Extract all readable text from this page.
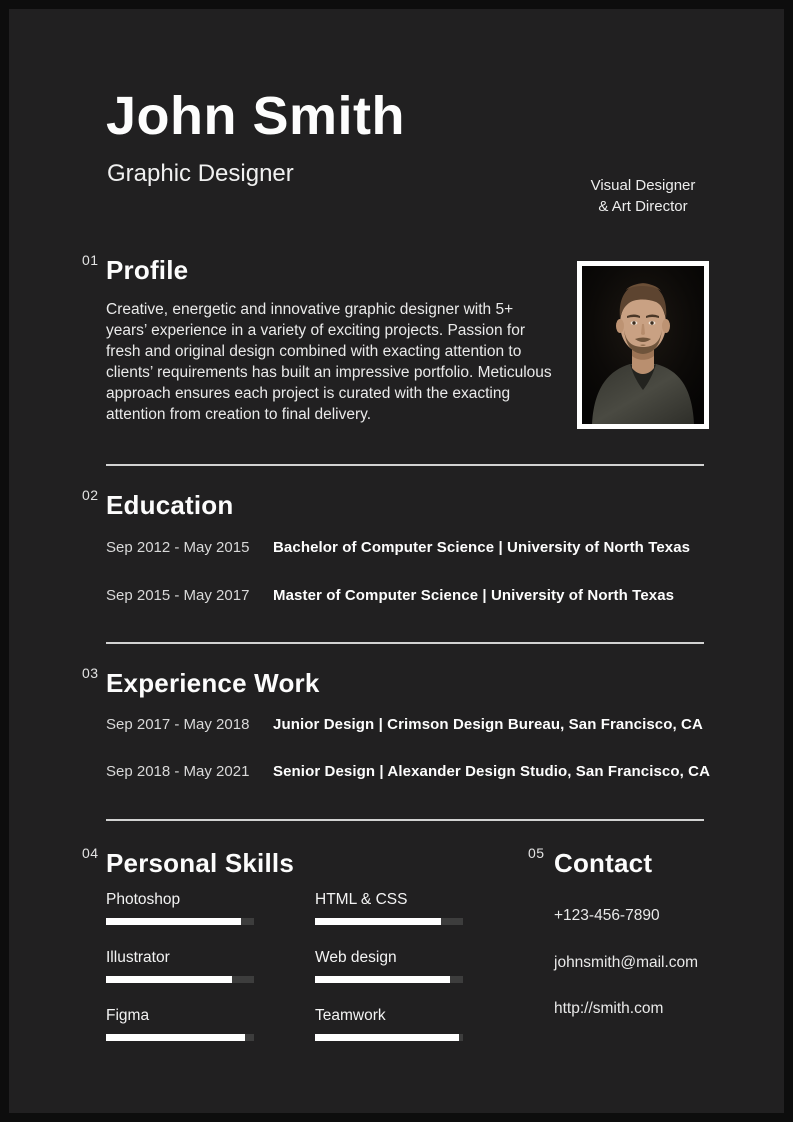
John Smith
Graphic Designer	Visual Designer
& Art Director
01 Profile

Creative, energetic and innovative graphic designer with 5+ years’ experience in a variety of exciting projects. Passion for fresh and original design combined with exacting attention to clients’ requirements has built an impressive portfolio. Meticulous approach ensures each project is curated with the exacting attention from creation to final delivery.

02 Education
Sep 2012 - May 2015	Bachelor of Computer Science | University of North Texas
Sep 2015 - May 2017	Master of Computer Science | University of North Texas
03 Experience Work
Sep 2017 - May 2018	Junior Design | Crimson Design Bureau, San Francisco, CA
Sep 2018 - May 2021	Senior Design | Alexander Design Studio, San Francisco, CA
04 Personal Skills
Photoshop	HTML & CSS
Illustrator	Web design
Figma	Teamwork
05 Contact
+123-456-7890
johnsmith@mail.com
http://smith.com
